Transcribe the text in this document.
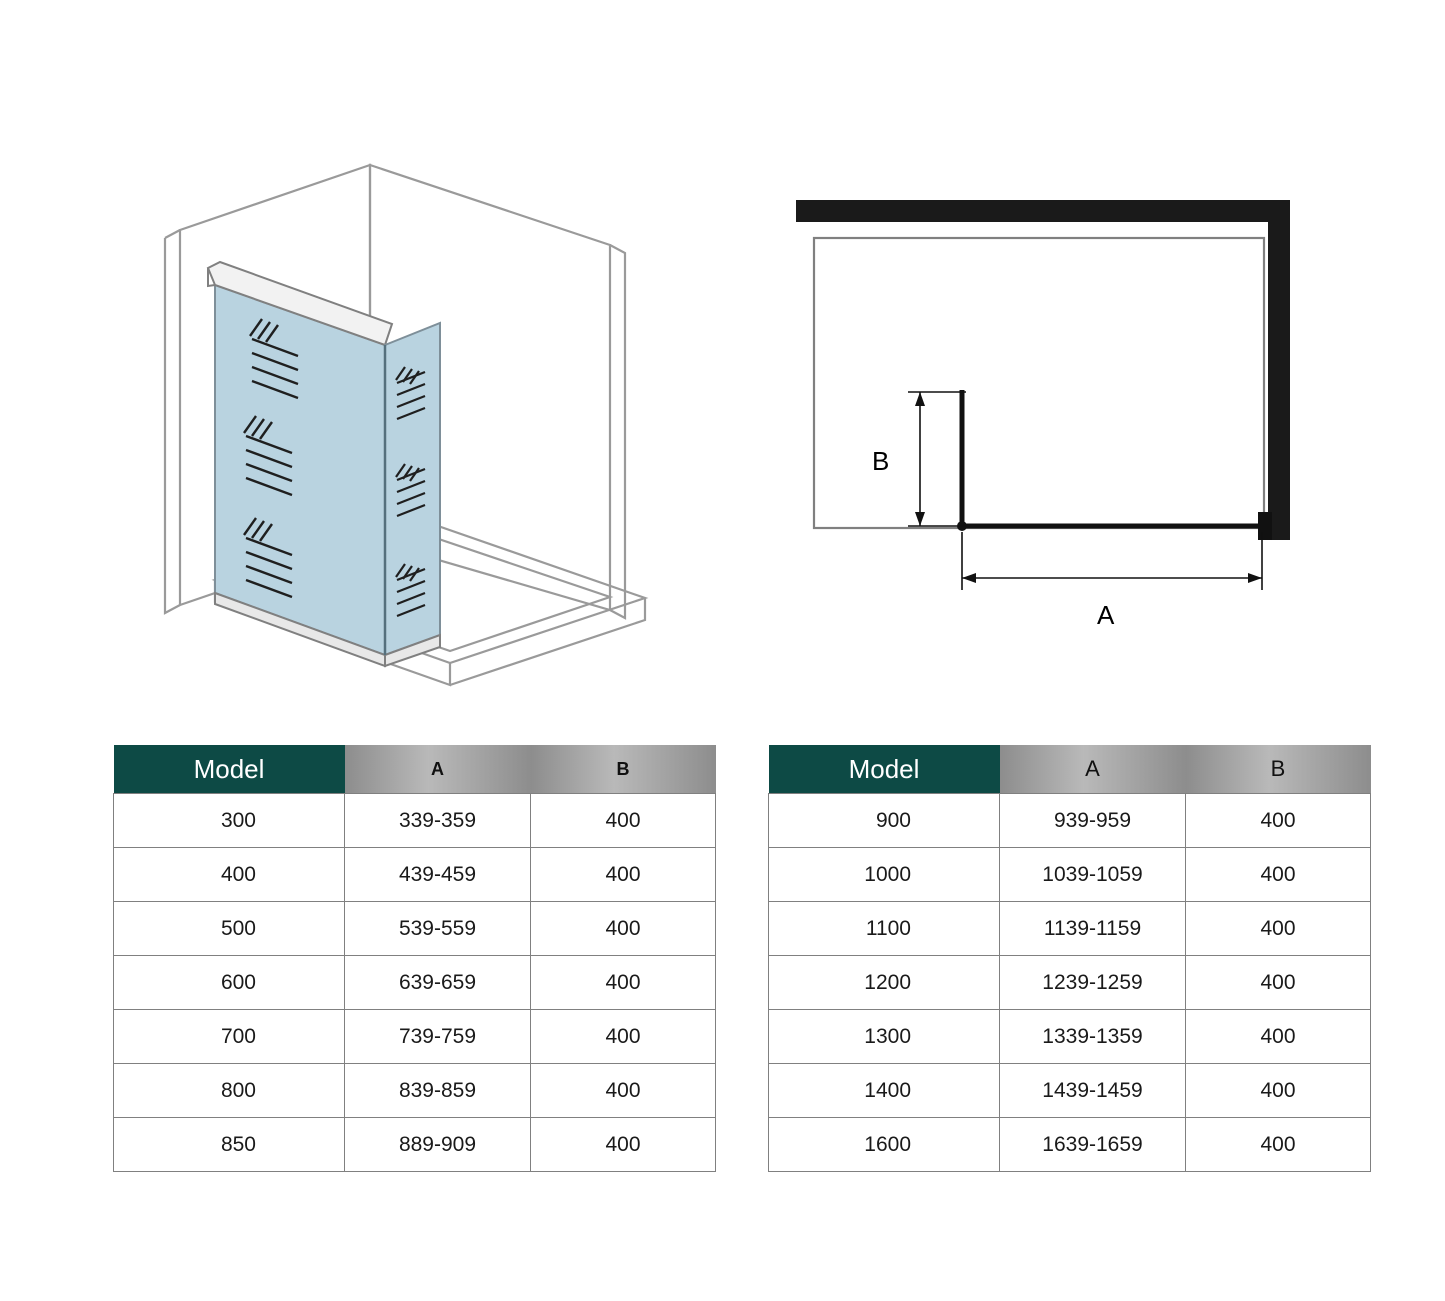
B
A
Model	A	B
300	339-359	400
400	439-459	400
500	539-559	400
600	639-659	400
700	739-759	400
800	839-859	400
850	889-909	400
Model	A	B
900	939-959	400
1000	1039-1059	400
1100	1139-1159	400
1200	1239-1259	400
1300	1339-1359	400
1400	1439-1459	400
1600	1639-1659	400
